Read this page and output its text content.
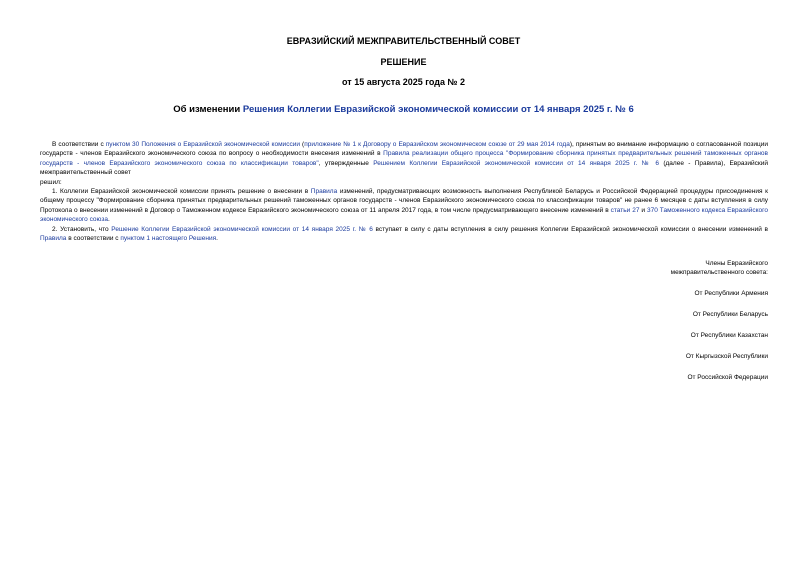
ЕВРАЗИЙСКИЙ МЕЖПРАВИТЕЛЬСТВЕННЫЙ СОВЕТ
РЕШЕНИЕ
от 15 августа 2025 года № 2
Об изменении Решения Коллегии Евразийской экономической комиссии от 14 января 2025 г. № 6

В соответствии с пунктом 30 Положения о Евразийской экономической комиссии (приложение № 1 к Договору о Евразийском экономическом союзе от 29 мая 2014 года), принятым во внимание информацию о согласованной позиции государств - членов Евразийского экономического союза по вопросу о необходимости внесения изменений в Правила реализации общего процесса "Формирование сборника принятых предварительных решений таможенных органов государств - членов Евразийского экономического союза по классификации товаров", утвержденные Решением Коллегии Евразийской экономической комиссии от 14 января 2025 г. № 6 (далее - Правила), Евразийский межправительственный совет

решил:

1. Коллегии Евразийской экономической комиссии принять решение о внесении в Правила изменений, предусматривающих возможность выполнения Республикой Беларусь и Российской Федерацией процедуры присоединения к общему процессу "Формирование сборника принятых предварительных решений таможенных органов государств - членов Евразийского экономического союза по классификации товаров" не ранее 6 месяцев с даты вступления в силу Протокола о внесении изменений в Договор о Таможенном кодексе Евразийского экономического союза от 11 апреля 2017 года, в том числе предусматривающего внесение изменений в статьи 27 и 370 Таможенного кодекса Евразийского экономического союза.

2. Установить, что Решение Коллегии Евразийской экономической комиссии от 14 января 2025 г. № 6 вступает в силу с даты вступления в силу решения Коллегии Евразийской экономической комиссии о внесении изменений в Правила в соответствии с пунктом 1 настоящего Решения.

Члены Евразийского
межправительственного совета:
От Республики Армения
От Республики Беларусь
От Республики Казахстан
От Кыргызской Республики
От Российской Федерации
